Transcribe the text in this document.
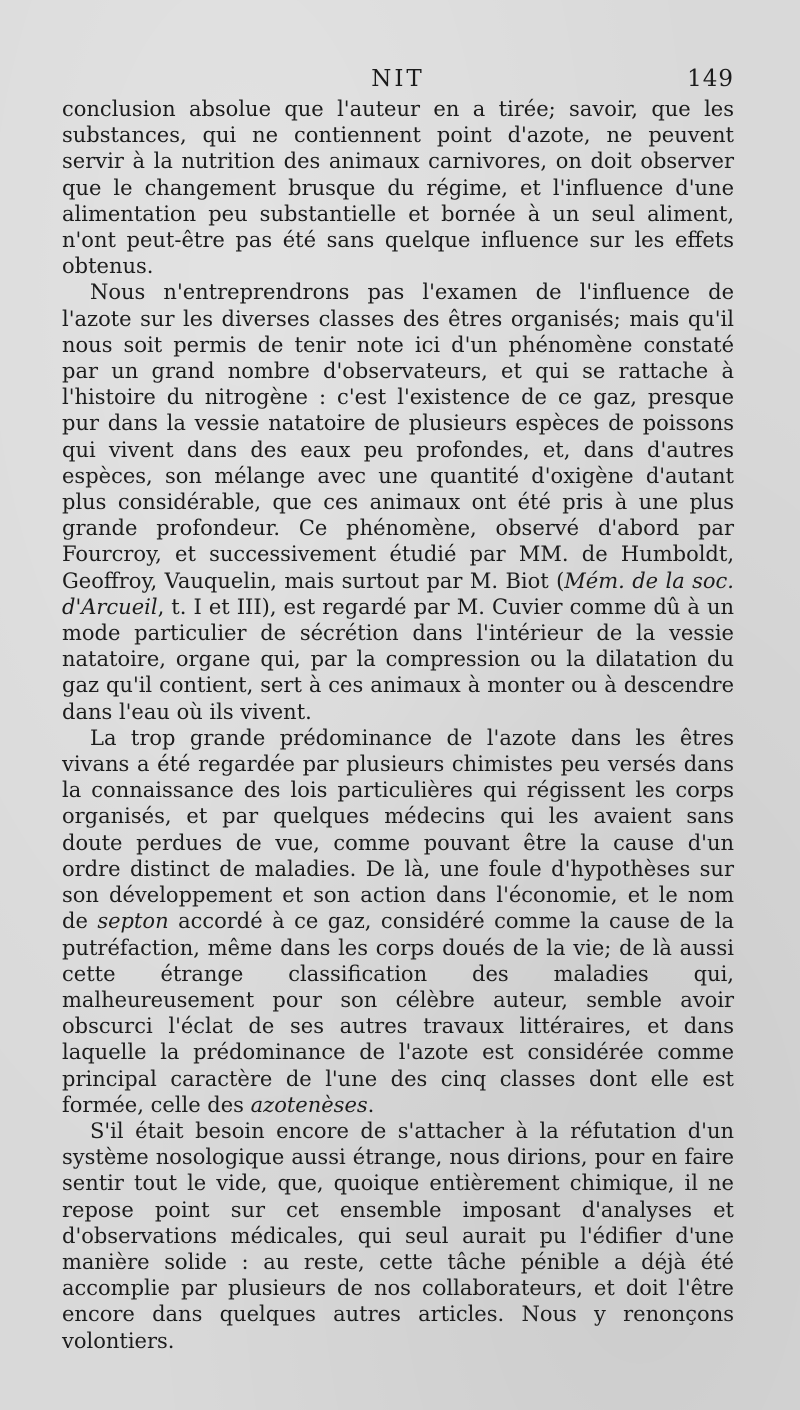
NIT	149

conclusion absolue que l'auteur en a tirée; savoir, que les substances, qui ne contiennent point d'azote, ne peuvent servir à la nutrition des animaux carnivores, on doit observer que le changement brusque du régime, et l'influence d'une alimentation peu substantielle et bornée à un seul aliment, n'ont peut-être pas été sans quelque influence sur les effets obtenus.

Nous n'entreprendrons pas l'examen de l'influence de l'azote sur les diverses classes des êtres organisés; mais qu'il nous soit permis de tenir note ici d'un phénomène constaté par un grand nombre d'observateurs, et qui se rattache à l'histoire du nitrogène : c'est l'existence de ce gaz, presque pur dans la vessie natatoire de plusieurs espèces de poissons qui vivent dans des eaux peu profondes, et, dans d'autres espèces, son mélange avec une quantité d'oxigène d'autant plus considérable, que ces animaux ont été pris à une plus grande profondeur. Ce phénomène, observé d'abord par Fourcroy, et successivement étudié par MM. de Humboldt, Geoffroy, Vauquelin, mais surtout par M. Biot (Mém. de la soc. d'Arcueil, t. I et III), est regardé par M. Cuvier comme dû à un mode particulier de sécrétion dans l'intérieur de la vessie natatoire, organe qui, par la compression ou la dilatation du gaz qu'il contient, sert à ces animaux à monter ou à descendre dans l'eau où ils vivent.

La trop grande prédominance de l'azote dans les êtres vivans a été regardée par plusieurs chimistes peu versés dans la connaissance des lois particulières qui régissent les corps organisés, et par quelques médecins qui les avaient sans doute perdues de vue, comme pouvant être la cause d'un ordre distinct de maladies. De là, une foule d'hypothèses sur son développement et son action dans l'économie, et le nom de septon accordé à ce gaz, considéré comme la cause de la putréfaction, même dans les corps doués de la vie; de là aussi cette étrange classification des maladies qui, malheureusement pour son célèbre auteur, semble avoir obscurci l'éclat de ses autres travaux littéraires, et dans laquelle la prédominance de l'azote est considérée comme principal caractère de l'une des cinq classes dont elle est formée, celle des azotenèses.

S'il était besoin encore de s'attacher à la réfutation d'un système nosologique aussi étrange, nous dirions, pour en faire sentir tout le vide, que, quoique entièrement chimique, il ne repose point sur cet ensemble imposant d'analyses et d'observations médicales, qui seul aurait pu l'édifier d'une manière solide : au reste, cette tâche pénible a déjà été accomplie par plusieurs de nos collaborateurs, et doit l'être encore dans quelques autres articles. Nous y renonçons volontiers.
